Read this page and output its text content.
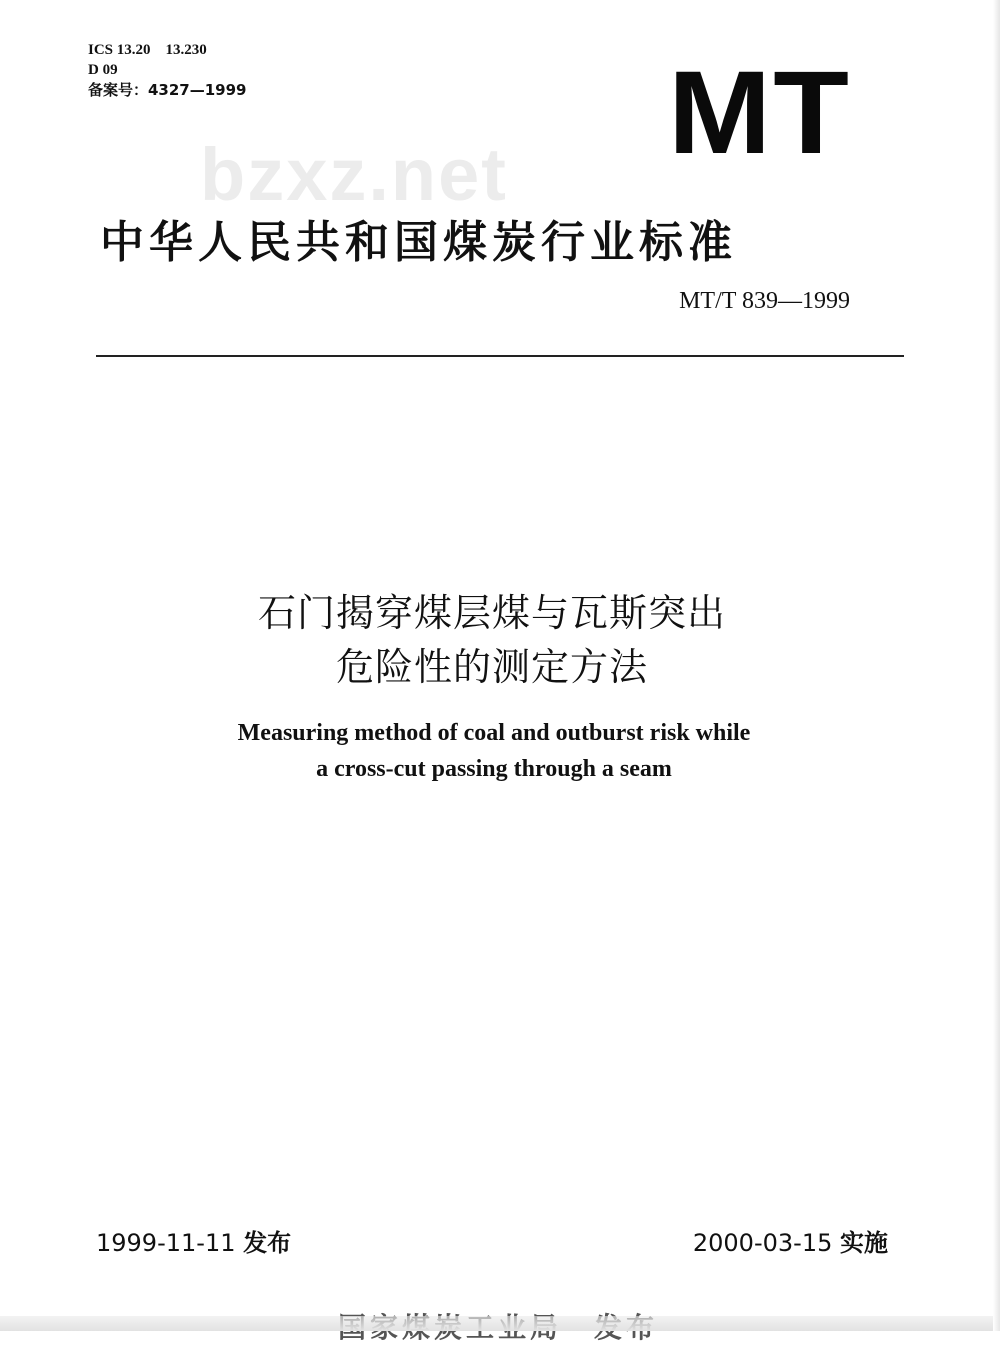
ICS 13.20　13.230
D 09
备案号：4327—1999	MT
bzxz.net
中华人民共和国煤炭行业标准
MT/T 839—1999
石门揭穿煤层煤与瓦斯突出
危险性的测定方法
Measuring method of coal and outburst risk while
a cross-cut passing through a seam
1999-11-11 发布	2000-03-15 实施
